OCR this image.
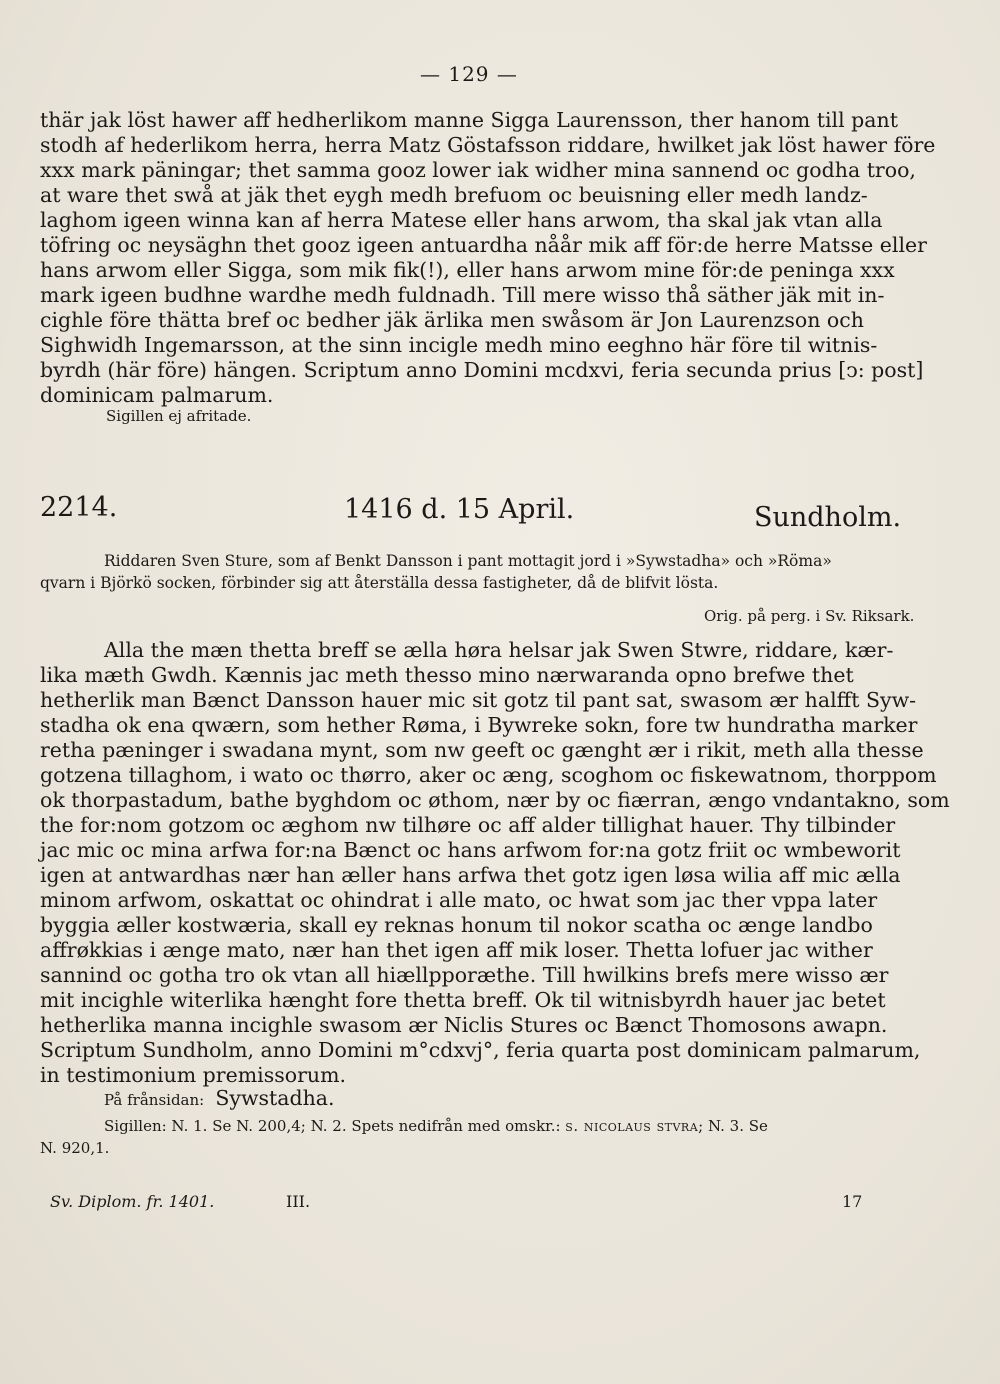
— 129 —
thär jak löst hawer aff hedherlikom manne Sigga Laurensson, ther hanom till pant
stodh af hederlikom herra, herra Matz Göstafsson riddare, hwilket jak löst hawer före
xxx mark päningar; thet samma gooz lower iak widher mina sannend oc godha troo,
at ware thet swå at jäk thet eygh medh brefuom oc beuisning eller medh landz-
laghom igeen winna kan af herra Matese eller hans arwom, tha skal jak vtan alla
töfring oc neysäghn thet gooz igeen antuardha nåår mik aff för:de herre Matsse eller
hans arwom eller Sigga, som mik fik(!), eller hans arwom mine för:de peninga xxx
mark igeen budhne wardhe medh fuldnadh. Till mere wisso thå säther jäk mit in-
cighle före thätta bref oc bedher jäk ärlika men swåsom är Jon Laurenzson och
Sighwidh Ingemarsson, at the sinn incigle medh mino eeghno här före til witnis-
byrdh (här före) hängen. Scriptum anno Domini mcdxvi, feria secunda prius [ↄ: post]
dominicam palmarum.
Sigillen ej afritade.
2214.	1416 d. 15 April.	Sundholm.
Riddaren Sven Sture, som af Benkt Dansson i pant mottagit jord i »Sywstadha» och »Röma»
qvarn i Björkö socken, förbinder sig att återställa dessa fastigheter, då de blifvit lösta.
Orig. på perg. i Sv. Riksark.
Alla the mæn thetta breff se ælla høra helsar jak Swen Stwre, riddare, kær-
lika mæth Gwdh. Kænnis jac meth thesso mino nærwaranda opno brefwe thet
hetherlik man Bænct Dansson hauer mic sit gotz til pant sat, swasom ær halfft Syw-
stadha ok ena qwærn, som hether Røma, i Bywreke sokn, fore tw hundratha marker
retha pæninger i swadana mynt, som nw geeft oc gænght ær i rikit, meth alla thesse
gotzena tillaghom, i wato oc thørro, aker oc æng, scoghom oc fiskewatnom, thorppom
ok thorpastadum, bathe byghdom oc øthom, nær by oc fiærran, ængo vndantakno, som
the for:nom gotzom oc æghom nw tilhøre oc aff alder tillighat hauer. Thy tilbinder
jac mic oc mina arfwa for:na Bænct oc hans arfwom for:na gotz friit oc wmbeworit
igen at antwardhas nær han æller hans arfwa thet gotz igen løsa wilia aff mic ælla
minom arfwom, oskattat oc ohindrat i alle mato, oc hwat som jac ther vppa later
byggia æller kostwæria, skall ey reknas honum til nokor scatha oc ænge landbo
affrøkkias i ænge mato, nær han thet igen aff mik loser. Thetta lofuer jac wither
sannind oc gotha tro ok vtan all hiællpporæthe. Till hwilkins brefs mere wisso ær
mit incighle witerlika hænght fore thetta breff. Ok til witnisbyrdh hauer jac betet
hetherlika manna incighle swasom ær Niclis Stures oc Bænct Thomosons awapn.
Scriptum Sundholm, anno Domini m°cdxvj°, feria quarta post dominicam palmarum,
in testimonium premissorum.
På frånsidan: Sywstadha.
Sigillen: N. 1. Se N. 200,4; N. 2. Spets nedifrån med omskr.: s. nicolaus stvra; N. 3. Se
N. 920,1.
Sv. Diplom. fr. 1401.	III.	17
